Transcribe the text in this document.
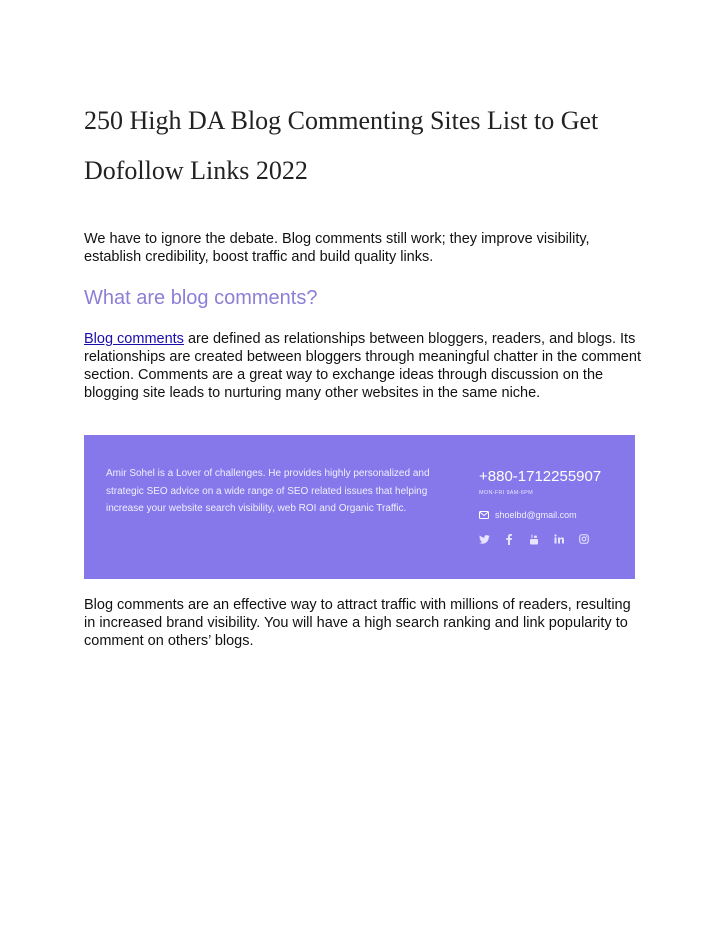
250 High DA Blog Commenting Sites List to Get Dofollow Links 2022

We have to ignore the debate. Blog comments still work; they improve visibility, establish credibility, boost traffic and build quality links.

What are blog comments?

Blog comments are defined as relationships between bloggers, readers, and blogs. Its relationships are created between bloggers through meaningful chatter in the comment section. Comments are a great way to exchange ideas through discussion on the blogging site leads to nurturing many other websites in the same niche.

Amir Sohel is a Lover of challenges. He provides highly personalized and strategic SEO advice on a wide range of SEO related issues that helping increase your website search visibility, web ROI and Organic Traffic.

+880-1712255907

MON-FRI 9AM-6PM

shoelbd@gmail.com

Blog comments are an effective way to attract traffic with millions of readers, resulting in increased brand visibility. You will have a high search ranking and link popularity to comment on others’ blogs.
